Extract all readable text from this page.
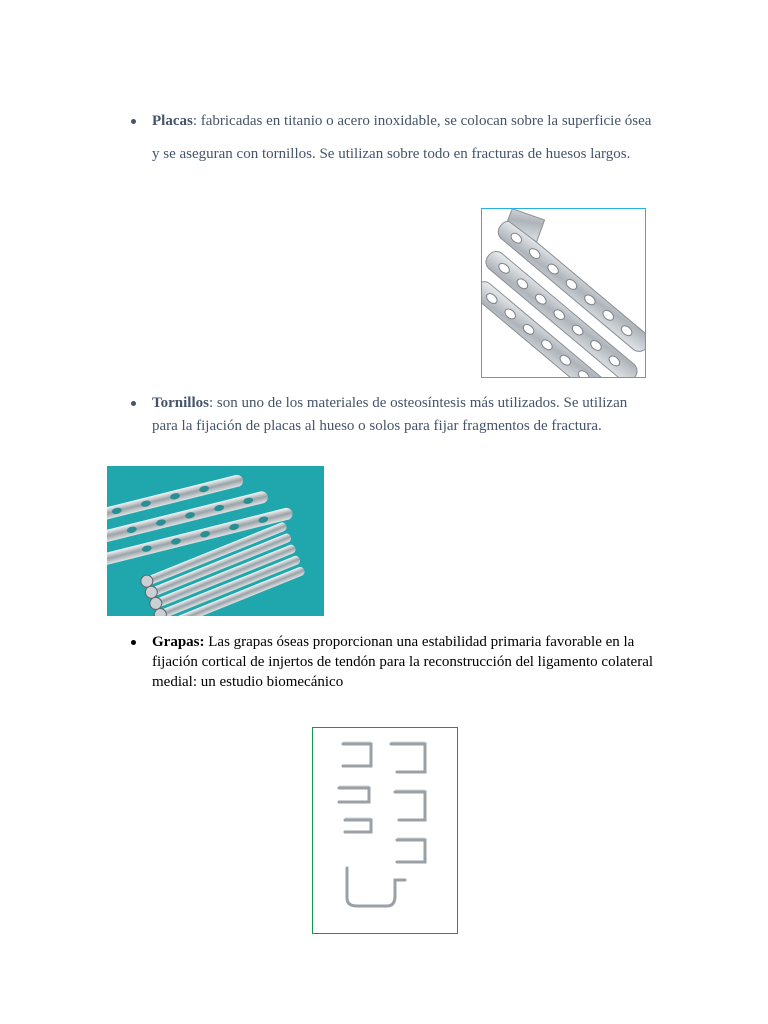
Placas: fabricadas en titanio o acero inoxidable, se colocan sobre la superficie ósea y se aseguran con tornillos. Se utilizan sobre todo en fracturas de huesos largos.
Tornillos: son uno de los materiales de osteosíntesis más utilizados. Se utilizan para la fijación de placas al hueso o solos para fijar fragmentos de fractura.
Grapas: Las grapas óseas proporcionan una estabilidad primaria favorable en la fijación cortical de injertos de tendón para la reconstrucción del ligamento colateral medial: un estudio biomecánico
